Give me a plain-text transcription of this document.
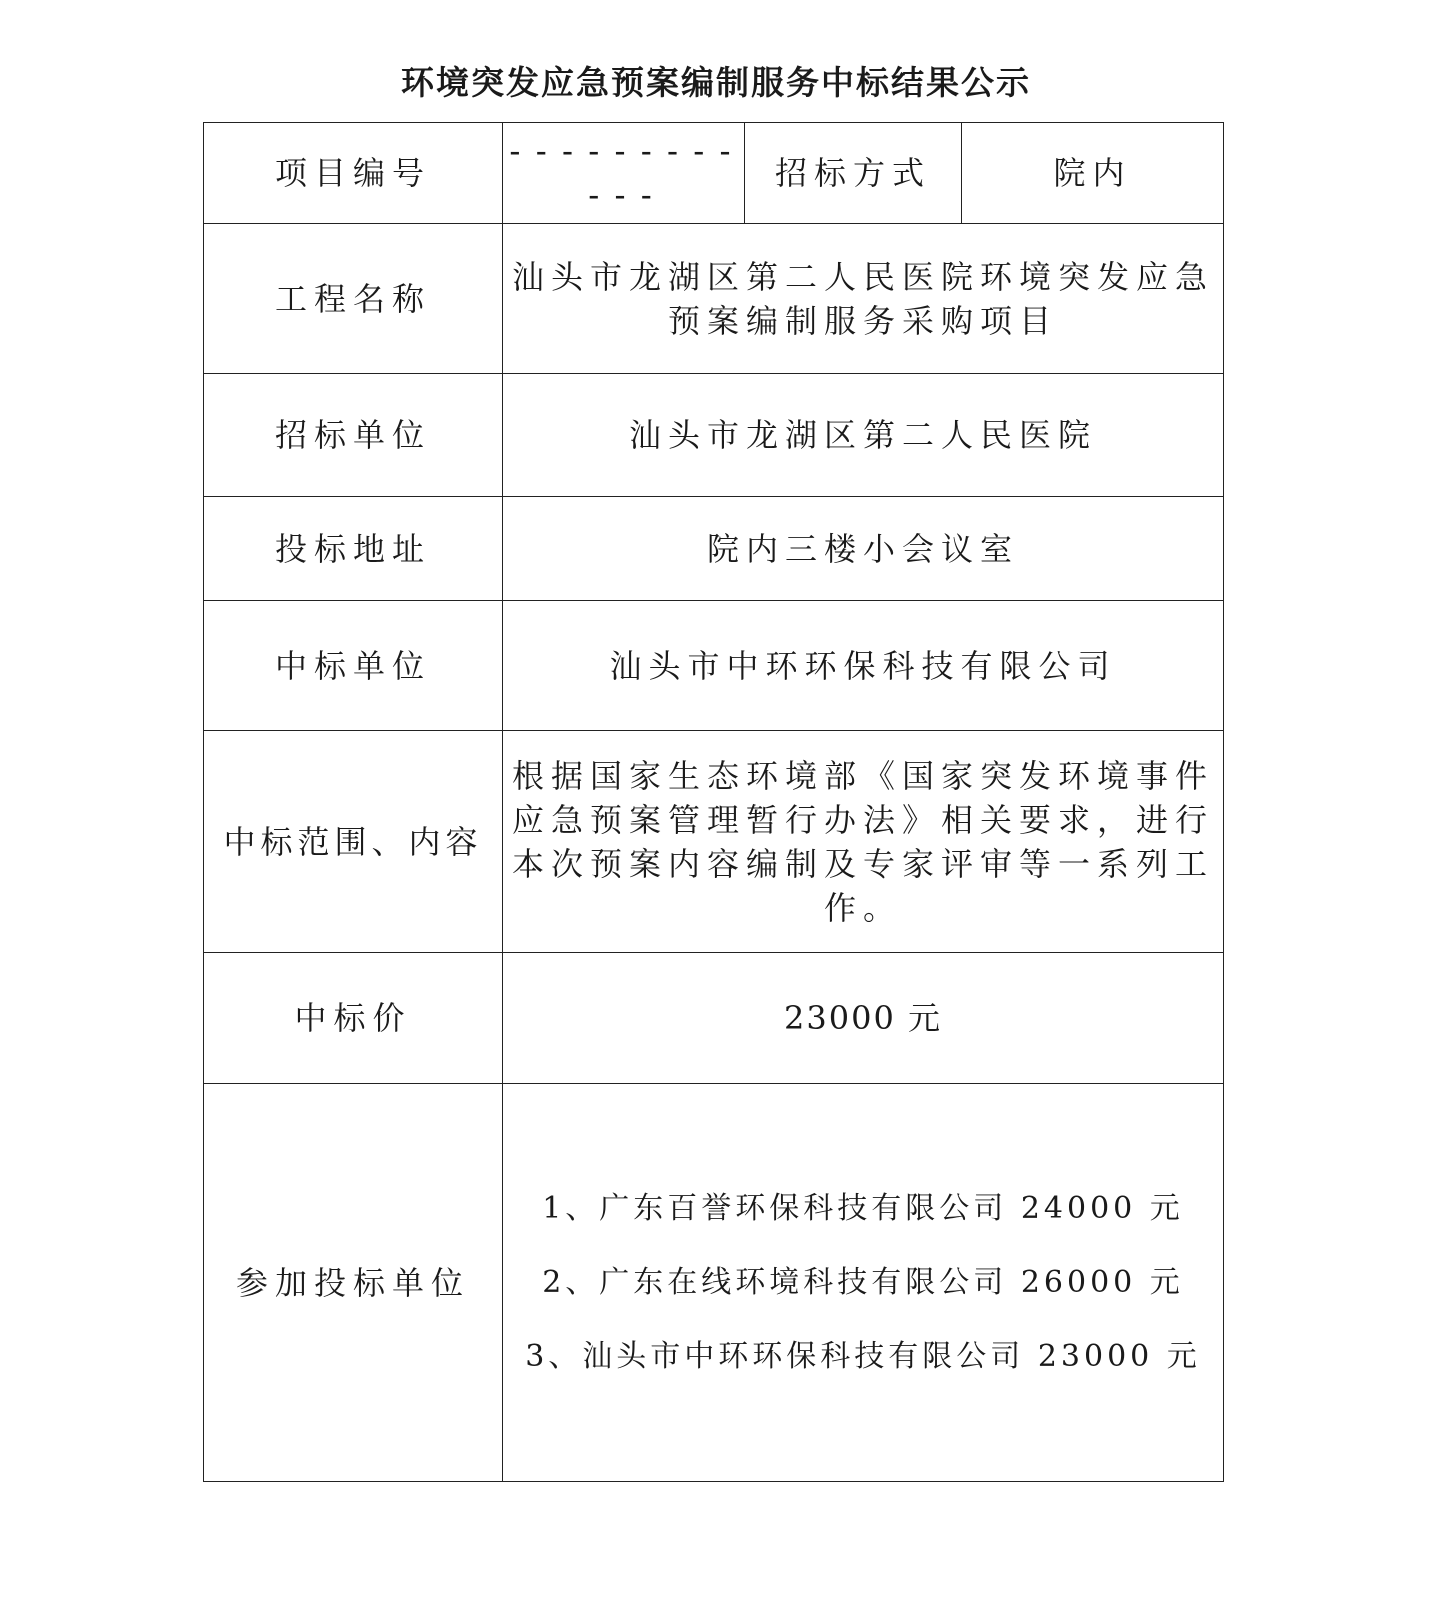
环境突发应急预案编制服务中标结果公示
项目编号	------------	招标方式	院内
工程名称	汕头市龙湖区第二人民医院环境突发应急预案编制服务采购项目		
招标单位	汕头市龙湖区第二人民医院		
投标地址	院内三楼小会议室		
中标单位	汕头市中环环保科技有限公司		
中标范围、内容	根据国家生态环境部《国家突发环境事件应急预案管理暂行办法》相关要求，进行本次预案内容编制及专家评审等一系列工作。		
中标价	23000 元		
参加投标单位	1、广东百誉环保科技有限公司 24000 元
2、广东在线环境科技有限公司 26000 元
3、汕头市中环环保科技有限公司 23000 元		
